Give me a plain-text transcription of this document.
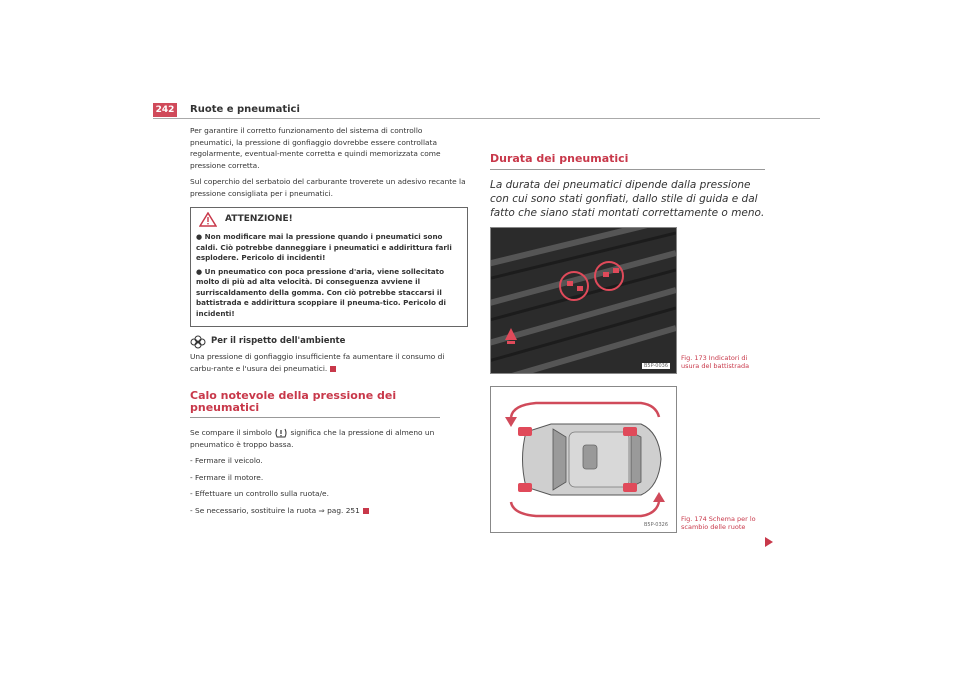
242 Ruote e pneumatici

Per garantire il corretto funzionamento del sistema di controllo pneumatici, la pressione di gonfiaggio dovrebbe essere controllata regolarmente, eventual-mente corretta e quindi memorizzata come pressione corretta.

Sul coperchio del serbatoio del carburante troverete un adesivo recante la pressione consigliata per i pneumatici.

ATTENZIONE!
● Non modificare mai la pressione quando i pneumatici sono caldi. Ciò potrebbe danneggiare i pneumatici e addirittura farli esplodere. Pericolo di incidenti!
● Un pneumatico con poca pressione d'aria, viene sollecitato molto di più ad alta velocità. Di conseguenza avviene il surriscaldamento della gomma. Con ciò potrebbe staccarsi il battistrada e addirittura scoppiare il pneuma-tico. Pericolo di incidenti!
Per il rispetto dell'ambiente

Una pressione di gonfiaggio insufficiente fa aumentare il consumo di carbu-rante e l'usura dei pneumatici.

Calo notevole della pressione dei pneumatici

Se compare il simbolo	significa che la pressione di almeno un pneumatico è troppo bassa.

- Fermare il veicolo.

- Fermare il motore.

- Effettuare un controllo sulla ruota/e.

- Se necessario, sostituire la ruota ⇒ pag. 251

Durata dei pneumatici

La durata dei pneumatici dipende dalla pressione con cui sono stati gonfiati, dallo stile di guida e dal fatto che siano stati montati correttamente o meno.

B5P-0036
Fig. 173 Indicatori di usura del battistrada
B5P-0326
Fig. 174 Schema per lo scambio delle ruote
